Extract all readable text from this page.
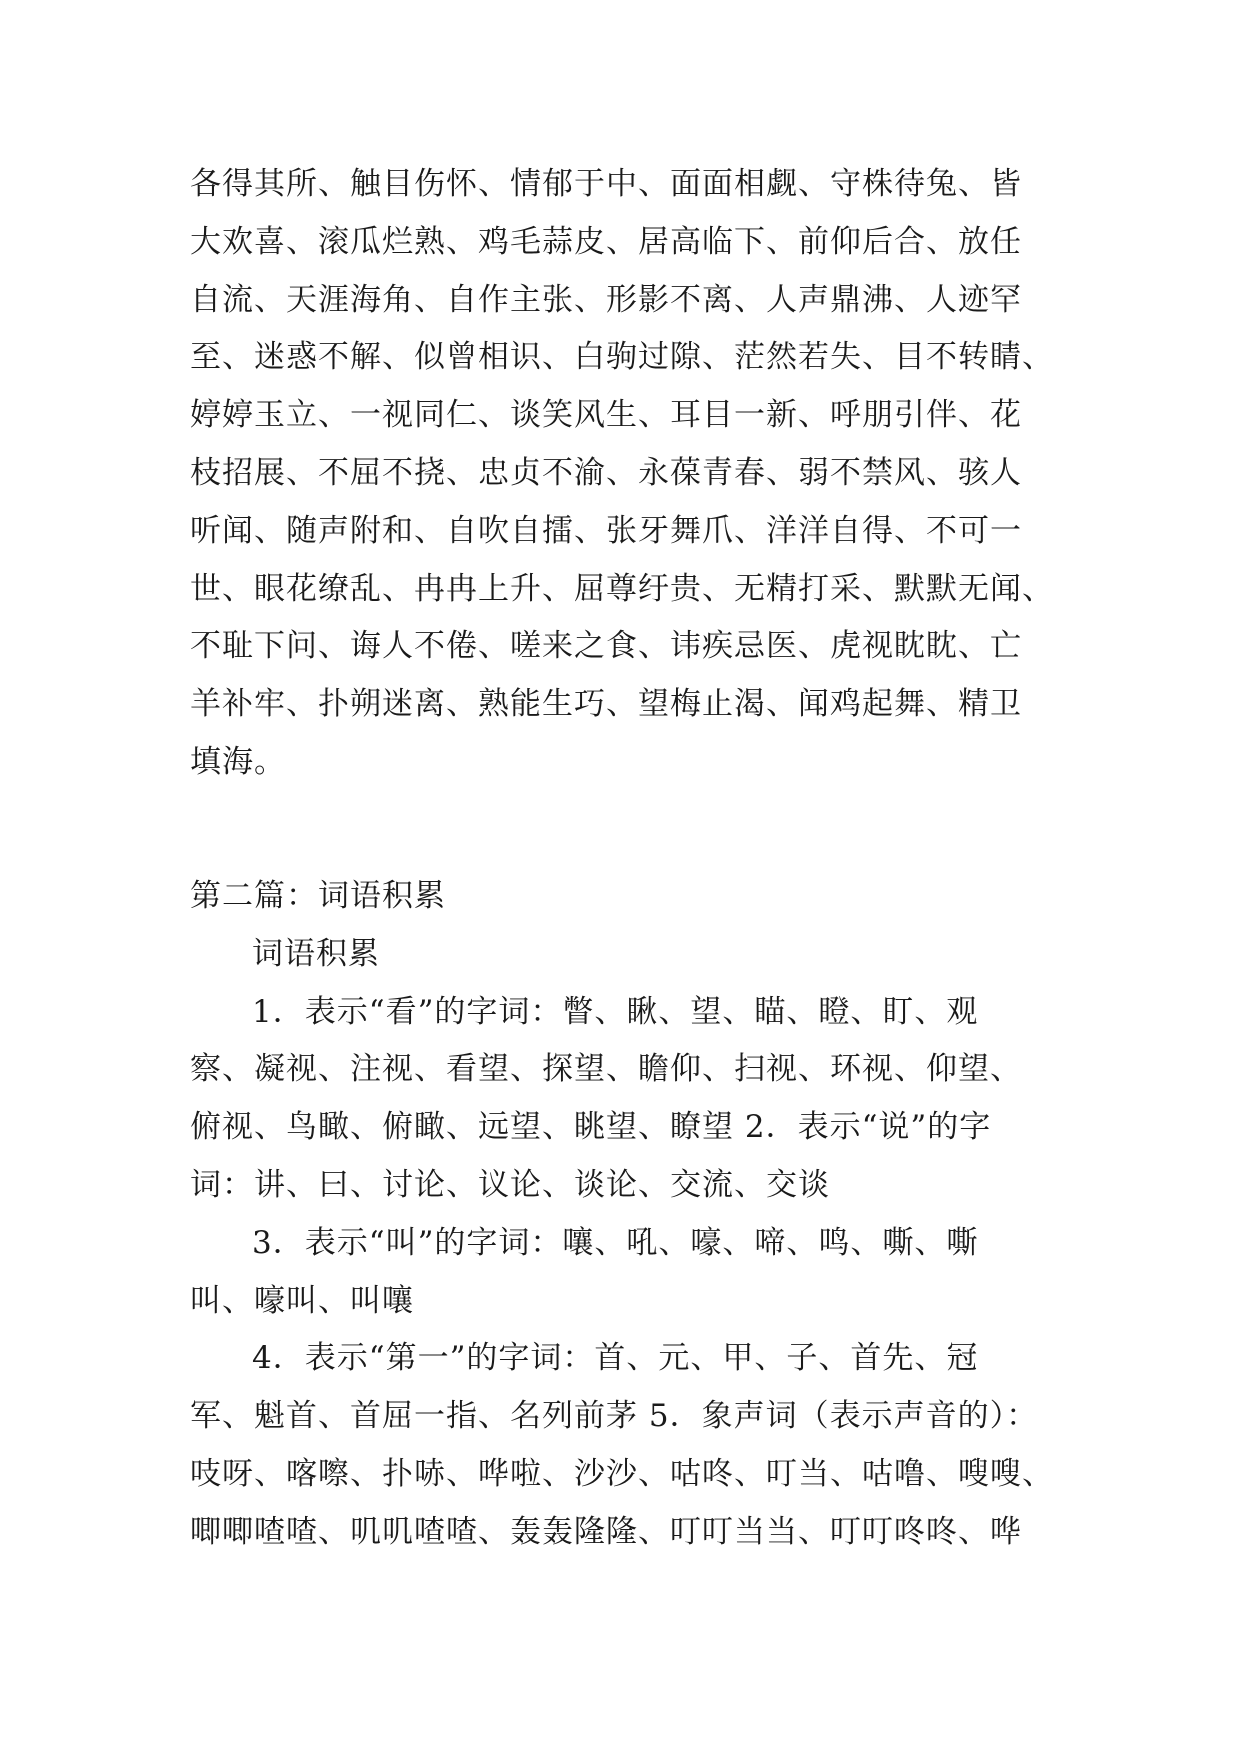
各得其所、触目伤怀、情郁于中、面面相觑、守株待兔、皆
大欢喜、滚瓜烂熟、鸡毛蒜皮、居高临下、前仰后合、放任
自流、天涯海角、自作主张、形影不离、人声鼎沸、人迹罕
至、迷惑不解、似曾相识、白驹过隙、茫然若失、目不转睛、
婷婷玉立、一视同仁、谈笑风生、耳目一新、呼朋引伴、花
枝招展、不屈不挠、忠贞不渝、永葆青春、弱不禁风、骇人
听闻、随声附和、自吹自擂、张牙舞爪、洋洋自得、不可一
世、眼花缭乱、冉冉上升、屈尊纡贵、无精打采、默默无闻、
不耻下问、诲人不倦、嗟来之食、讳疾忌医、虎视眈眈、亡
羊补牢、扑朔迷离、熟能生巧、望梅止渴、闻鸡起舞、精卫
填海。
第二篇：词语积累
词语积累
1．表示“看”的字词：瞥、瞅、望、瞄、瞪、盯、观
察、凝视、注视、看望、探望、瞻仰、扫视、环视、仰望、
俯视、鸟瞰、俯瞰、远望、眺望、瞭望 2．表示“说”的字
词：讲、曰、讨论、议论、谈论、交流、交谈
3．表示“叫”的字词：嚷、吼、嚎、啼、鸣、嘶、嘶
叫、嚎叫、叫嚷
4．表示“第一”的字词：首、元、甲、子、首先、冠
军、魁首、首屈一指、名列前茅 5．象声词（表示声音的）：
吱呀、喀嚓、扑哧、哗啦、沙沙、咕咚、叮当、咕噜、嗖嗖、
唧唧喳喳、叽叽喳喳、轰轰隆隆、叮叮当当、叮叮咚咚、哗
